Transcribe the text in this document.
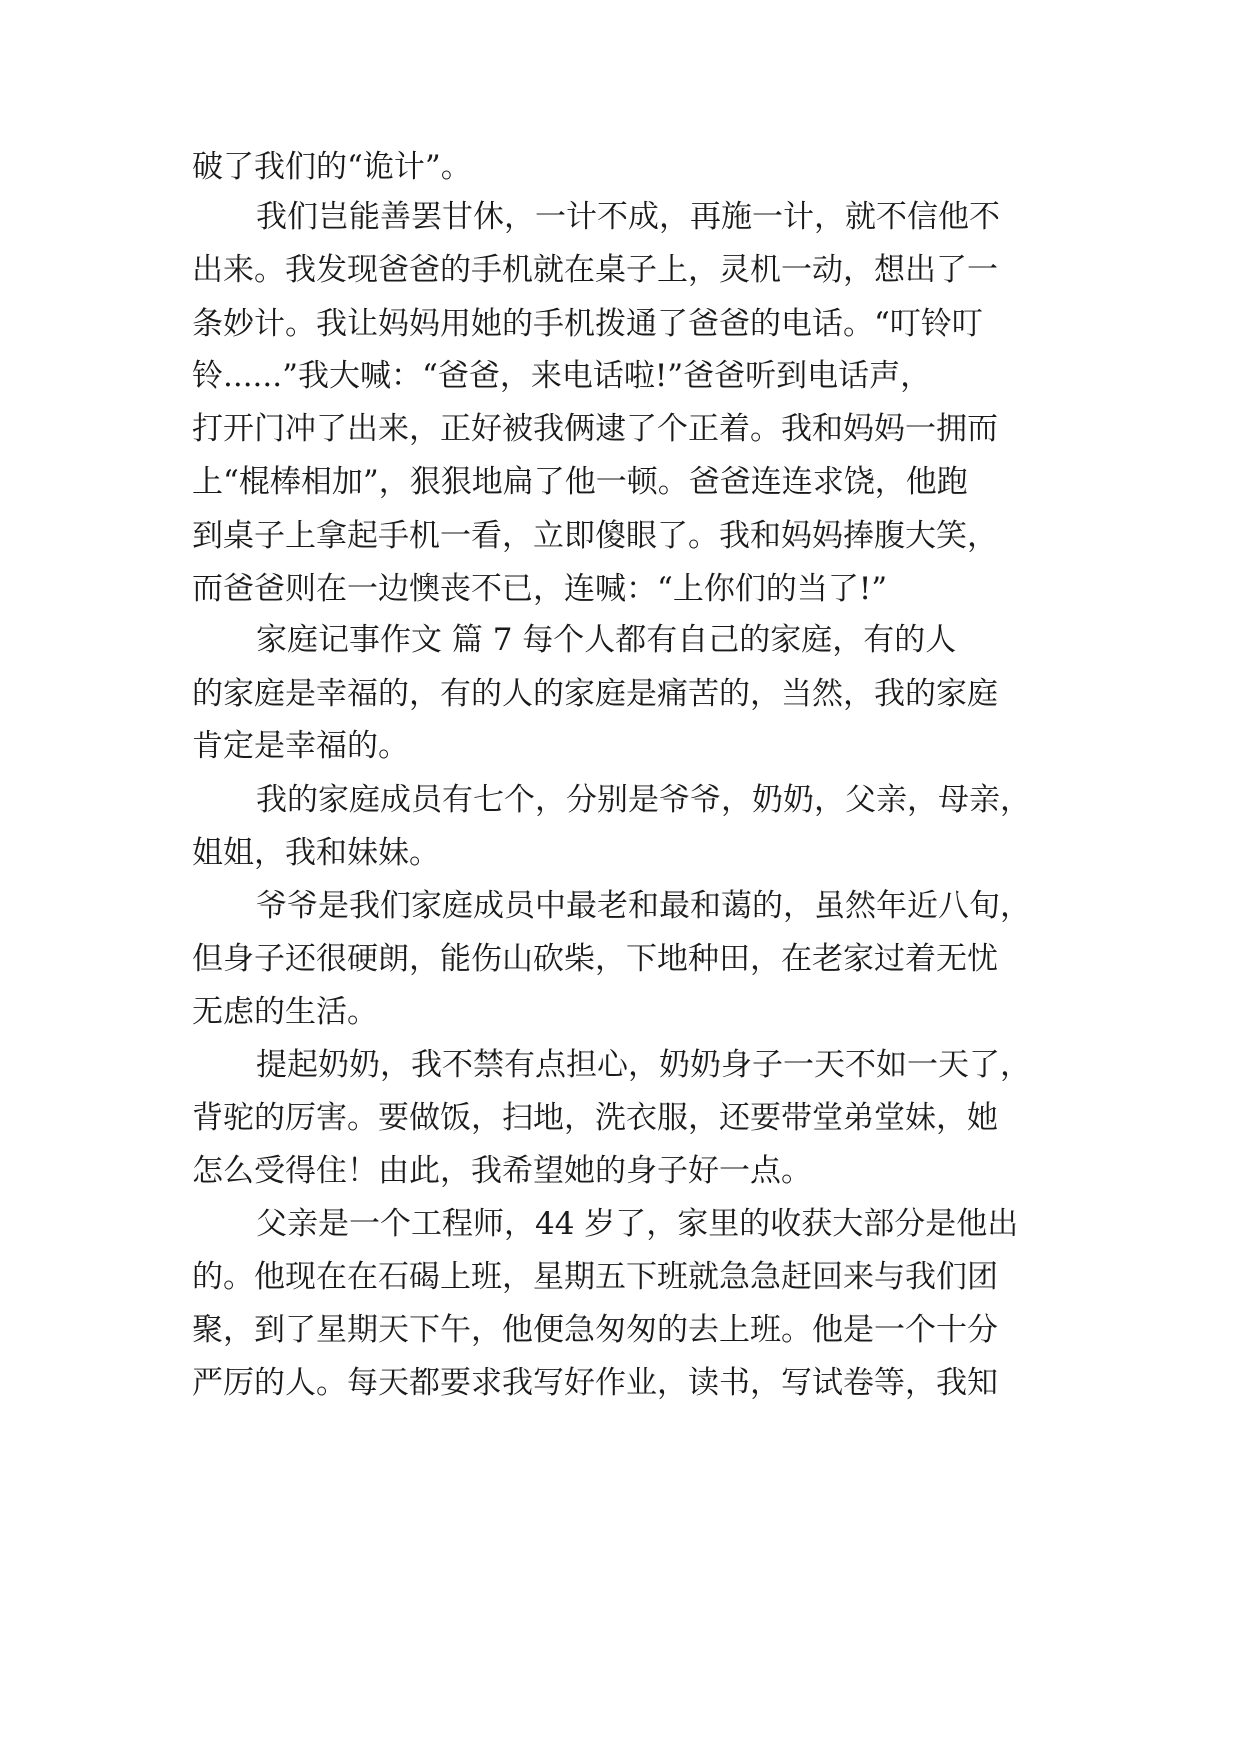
破了我们的“诡计”。

我们岂能善罢甘休，一计不成，再施一计，就不信他不

出来。我发现爸爸的手机就在桌子上，灵机一动，想出了一

条妙计。我让妈妈用她的手机拨通了爸爸的电话。“叮铃叮

铃......”我大喊：“爸爸，来电话啦!”爸爸听到电话声，

打开门冲了出来，正好被我俩逮了个正着。我和妈妈一拥而

上“棍棒相加”，狠狠地扁了他一顿。爸爸连连求饶，他跑

到桌子上拿起手机一看，立即傻眼了。我和妈妈捧腹大笑，

而爸爸则在一边懊丧不已，连喊：“上你们的当了!”

家庭记事作文 篇 7 每个人都有自己的家庭，有的人

的家庭是幸福的，有的人的家庭是痛苦的，当然，我的家庭

肯定是幸福的。

我的家庭成员有七个，分别是爷爷，奶奶，父亲，母亲，

姐姐，我和妹妹。

爷爷是我们家庭成员中最老和最和蔼的，虽然年近八旬，

但身子还很硬朗，能伤山砍柴，下地种田，在老家过着无忧

无虑的生活。

提起奶奶，我不禁有点担心，奶奶身子一天不如一天了，

背驼的厉害。要做饭，扫地，洗衣服，还要带堂弟堂妹，她

怎么受得住！由此，我希望她的身子好一点。

父亲是一个工程师，44 岁了，家里的收获大部分是他出

的。他现在在石碣上班，星期五下班就急急赶回来与我们团

聚，到了星期天下午，他便急匆匆的去上班。他是一个十分

严厉的人。每天都要求我写好作业，读书，写试卷等，我知
